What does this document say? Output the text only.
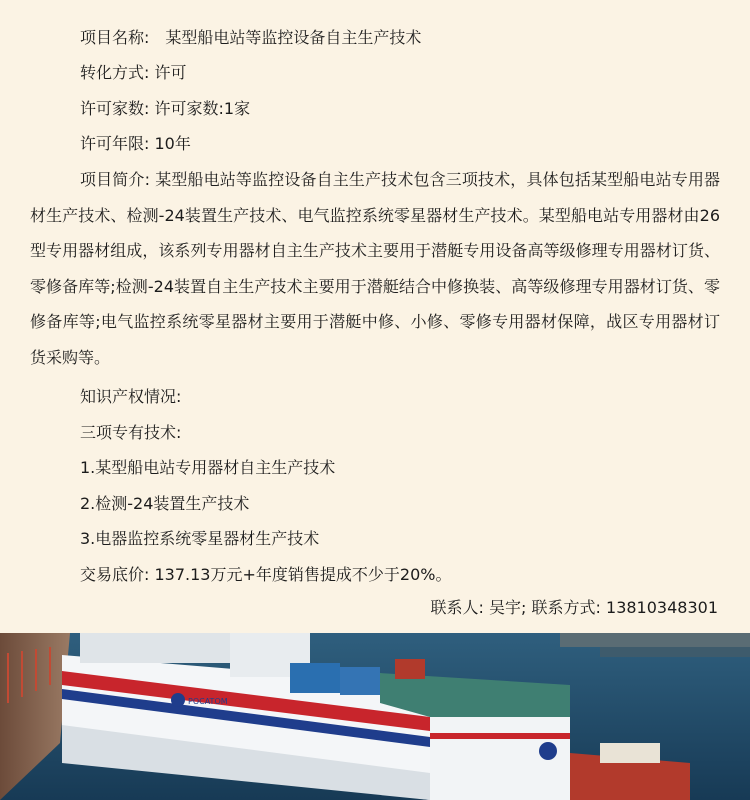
项目名称: 某型船电站等监控设备自主生产技术
转化方式: 许可
许可家数: 许可家数:1家
许可年限: 10年

项目简介: 某型船电站等监控设备自主生产技术包含三项技术，具体包括某型船电站专用器材生产技术、检测-24装置生产技术、电气监控系统零星器材生产技术。某型船电站专用器材由26　型专用器材组成，该系列专用器材自主生产技术主要用于潜艇专用设备高等级修理专用器材订货、零修备库等;检测-24装置自主生产技术主要用于潜艇结合中修换装、高等级修理专用器材订货、零修备库等;电气监控系统零星器材主要用于潜艇中修、小修、零修专用器材保障，战区专用器材订货采购等。

知识产权情况:
三项专有技术:
1.某型船电站专用器材自主生产技术
2.检测-24装置生产技术
3.电器监控系统零星器材生产技术
交易底价: 137.13万元+年度销售提成不少于20%。
联系人: 吴宇; 联系方式: 13810348301
POCATOM
